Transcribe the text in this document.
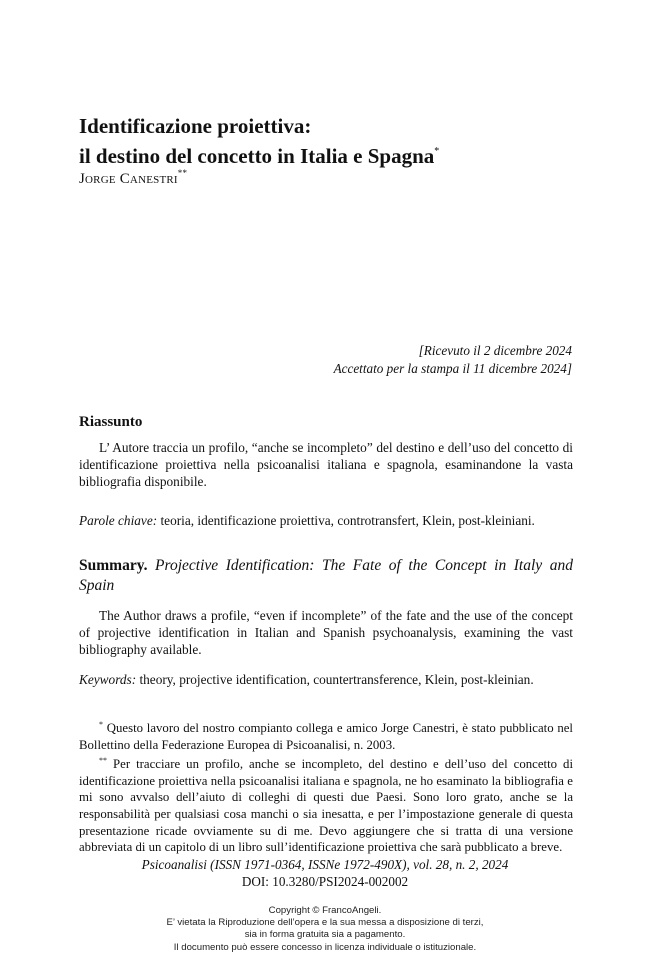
Identificazione proiettiva:
il destino del concetto in Italia e Spagna*
Jorge Canestri**
[Ricevuto il 2 dicembre 2024
Accettato per la stampa il 11 dicembre 2024]
Riassunto

L’ Autore traccia un profilo, “anche se incompleto” del destino e dell’uso del concetto di identificazione proiettiva nella psicoanalisi italiana e spagnola, esaminandone la vasta bibliografia disponibile.

Parole chiave: teoria, identificazione proiettiva, controtransfert, Klein, post-kleiniani.

Summary. Projective Identification: The Fate of the Concept in Italy and Spain

The Author draws a profile, “even if incomplete” of the fate and the use of the concept of projective identification in Italian and Spanish psychoanalysis, examining the vast bibliography available.

Keywords: theory, projective identification, countertransference, Klein, post-kleinian.

* Questo lavoro del nostro compianto collega e amico Jorge Canestri, è stato pubblicato nel Bollettino della Federazione Europea di Psicoanalisi, n. 2003.

** Per tracciare un profilo, anche se incompleto, del destino e dell’uso del concetto di identificazione proiettiva nella psicoanalisi italiana e spagnola, ne ho esaminato la bibliografia e mi sono avvalso dell’aiuto di colleghi di questi due Paesi. Sono loro grato, anche se la responsabilità per qualsiasi cosa manchi o sia inesatta, e per l’impostazione generale di questa presentazione ricade ovviamente su di me. Devo aggiungere che si tratta di una versione abbreviata di un capitolo di un libro sull’identificazione proiettiva che sarà pubblicato a breve.

Psicoanalisi (ISSN 1971-0364, ISSNe 1972-490X), vol. 28, n. 2, 2024
DOI: 10.3280/PSI2024-002002
Copyright © FrancoAngeli.
E’ vietata la Riproduzione dell’opera e la sua messa a disposizione di terzi,
sia in forma gratuita sia a pagamento.
Il documento può essere concesso in licenza individuale o istituzionale.
